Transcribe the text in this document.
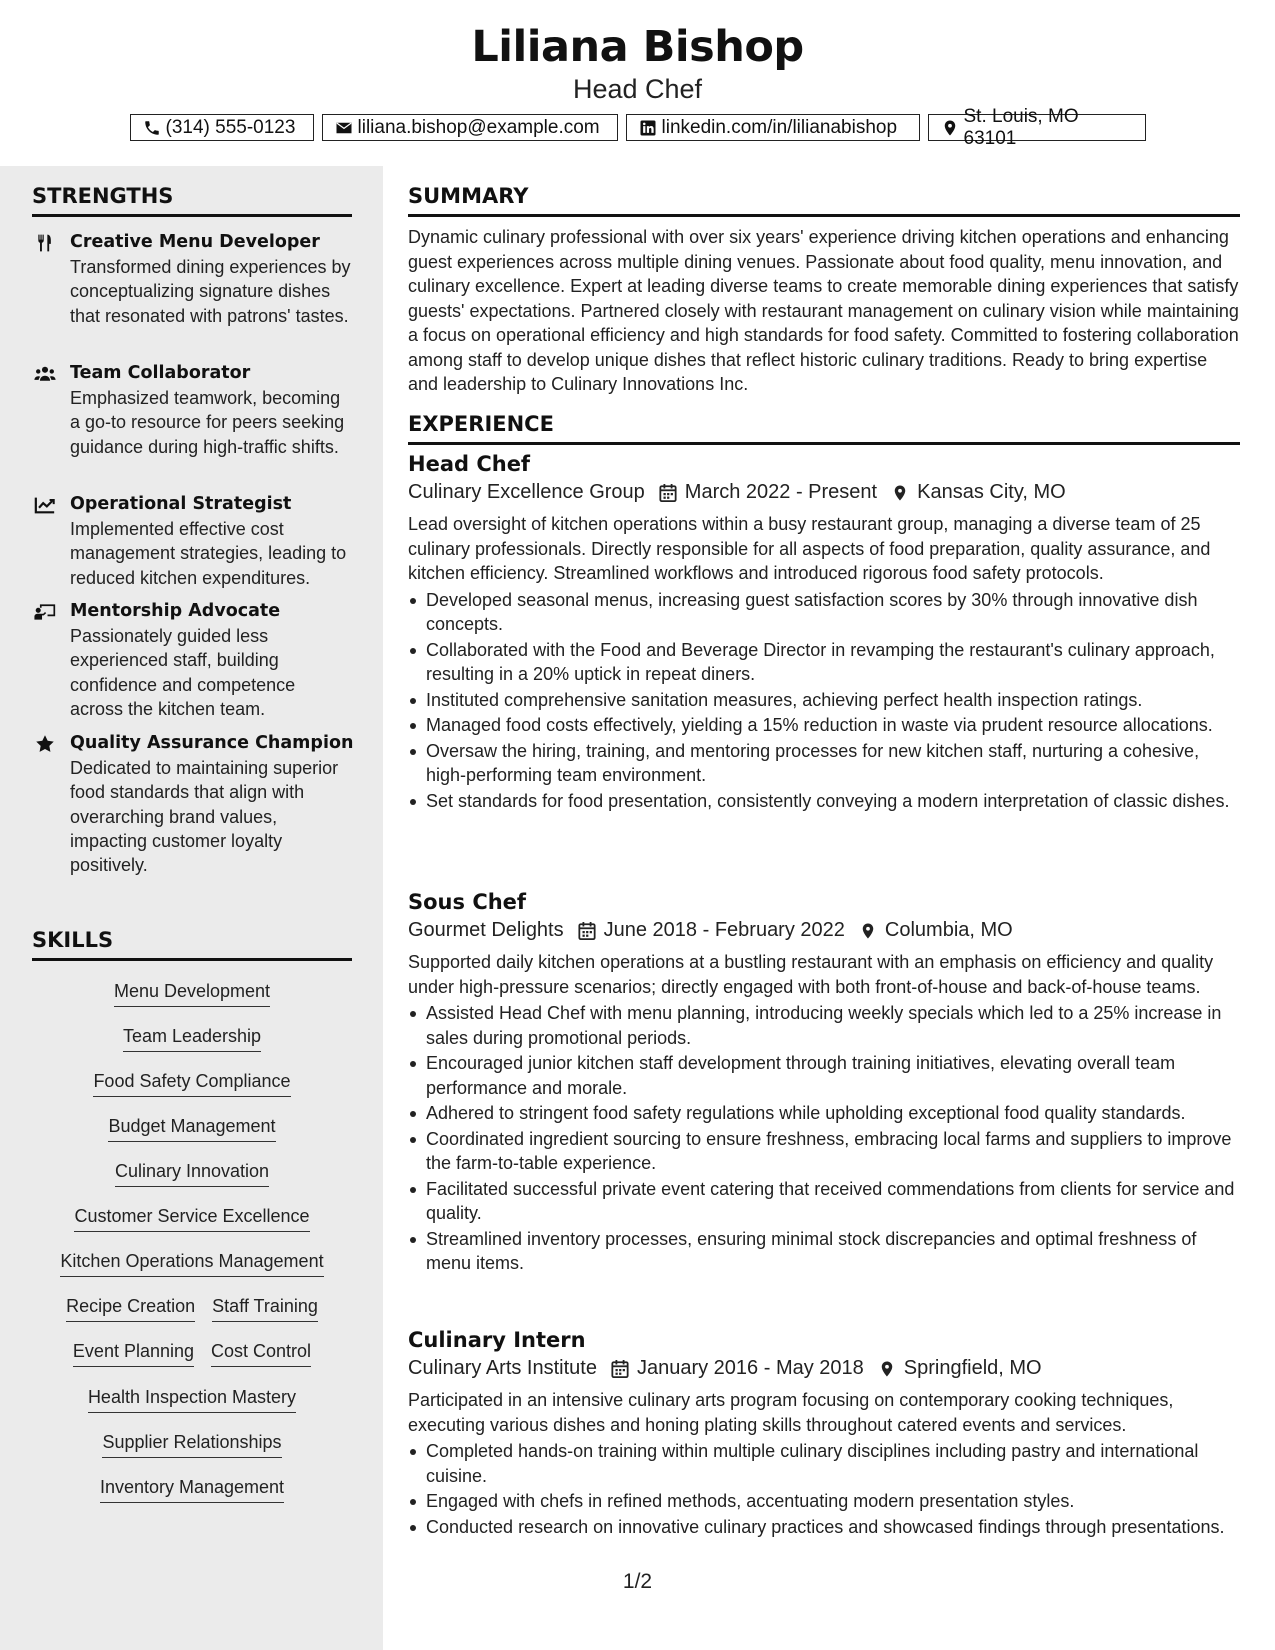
Liliana Bishop
Head Chef
(314) 555-0123	liliana.bishop@example.com	linkedin.com/in/lilianabishop
St. Louis, MO 63101
STRENGTHS
Creative Menu Developer
Transformed dining experiences by conceptualizing signature dishes that resonated with patrons' tastes.
Team Collaborator
Emphasized teamwork, becoming a go-to resource for peers seeking guidance during high-traffic shifts.
Operational Strategist
Implemented effective cost management strategies, leading to reduced kitchen expenditures.
Mentorship Advocate
Passionately guided less experienced staff, building confidence and competence across the kitchen team.
Quality Assurance Champion
Dedicated to maintaining superior food standards that align with overarching brand values, impacting customer loyalty positively.
SKILLS
Menu Development
Team Leadership
Food Safety Compliance
Budget Management
Culinary Innovation
Customer Service Excellence
Kitchen Operations Management
Recipe Creation Staff Training
Event Planning Cost Control
Health Inspection Mastery
Supplier Relationships
Inventory Management
SUMMARY
Dynamic culinary professional with over six years' experience driving kitchen operations and enhancing guest experiences across multiple dining venues. Passionate about food quality, menu innovation, and culinary excellence. Expert at leading diverse teams to create memorable dining experiences that satisfy guests' expectations. Partnered closely with restaurant management on culinary vision while maintaining a focus on operational efficiency and high standards for food safety. Committed to fostering collaboration among staff to develop unique dishes that reflect historic culinary traditions. Ready to bring expertise and leadership to Culinary Innovations Inc.
EXPERIENCE
Head Chef
Culinary Excellence Group March 2022 - Present Kansas City, MO
Lead oversight of kitchen operations within a busy restaurant group, managing a diverse team of 25 culinary professionals. Directly responsible for all aspects of food preparation, quality assurance, and kitchen efficiency. Streamlined workflows and introduced rigorous food safety protocols.
Developed seasonal menus, increasing guest satisfaction scores by 30% through innovative dish concepts.
Collaborated with the Food and Beverage Director in revamping the restaurant's culinary approach, resulting in a 20% uptick in repeat diners.
Instituted comprehensive sanitation measures, achieving perfect health inspection ratings.
Managed food costs effectively, yielding a 15% reduction in waste via prudent resource allocations.
Oversaw the hiring, training, and mentoring processes for new kitchen staff, nurturing a cohesive, high-performing team environment.
Set standards for food presentation, consistently conveying a modern interpretation of classic dishes.
Sous Chef
Gourmet Delights June 2018 - February 2022 Columbia, MO
Supported daily kitchen operations at a bustling restaurant with an emphasis on efficiency and quality under high-pressure scenarios; directly engaged with both front-of-house and back-of-house teams.
Assisted Head Chef with menu planning, introducing weekly specials which led to a 25% increase in sales during promotional periods.
Encouraged junior kitchen staff development through training initiatives, elevating overall team performance and morale.
Adhered to stringent food safety regulations while upholding exceptional food quality standards.
Coordinated ingredient sourcing to ensure freshness, embracing local farms and suppliers to improve the farm-to-table experience.
Facilitated successful private event catering that received commendations from clients for service and quality.
Streamlined inventory processes, ensuring minimal stock discrepancies and optimal freshness of menu items.
Culinary Intern
Culinary Arts Institute January 2016 - May 2018 Springfield, MO
Participated in an intensive culinary arts program focusing on contemporary cooking techniques, executing various dishes and honing plating skills throughout catered events and services.
Completed hands-on training within multiple culinary disciplines including pastry and international cuisine.
Engaged with chefs in refined methods, accentuating modern presentation styles.
Conducted research on innovative culinary practices and showcased findings through presentations.
1/2
